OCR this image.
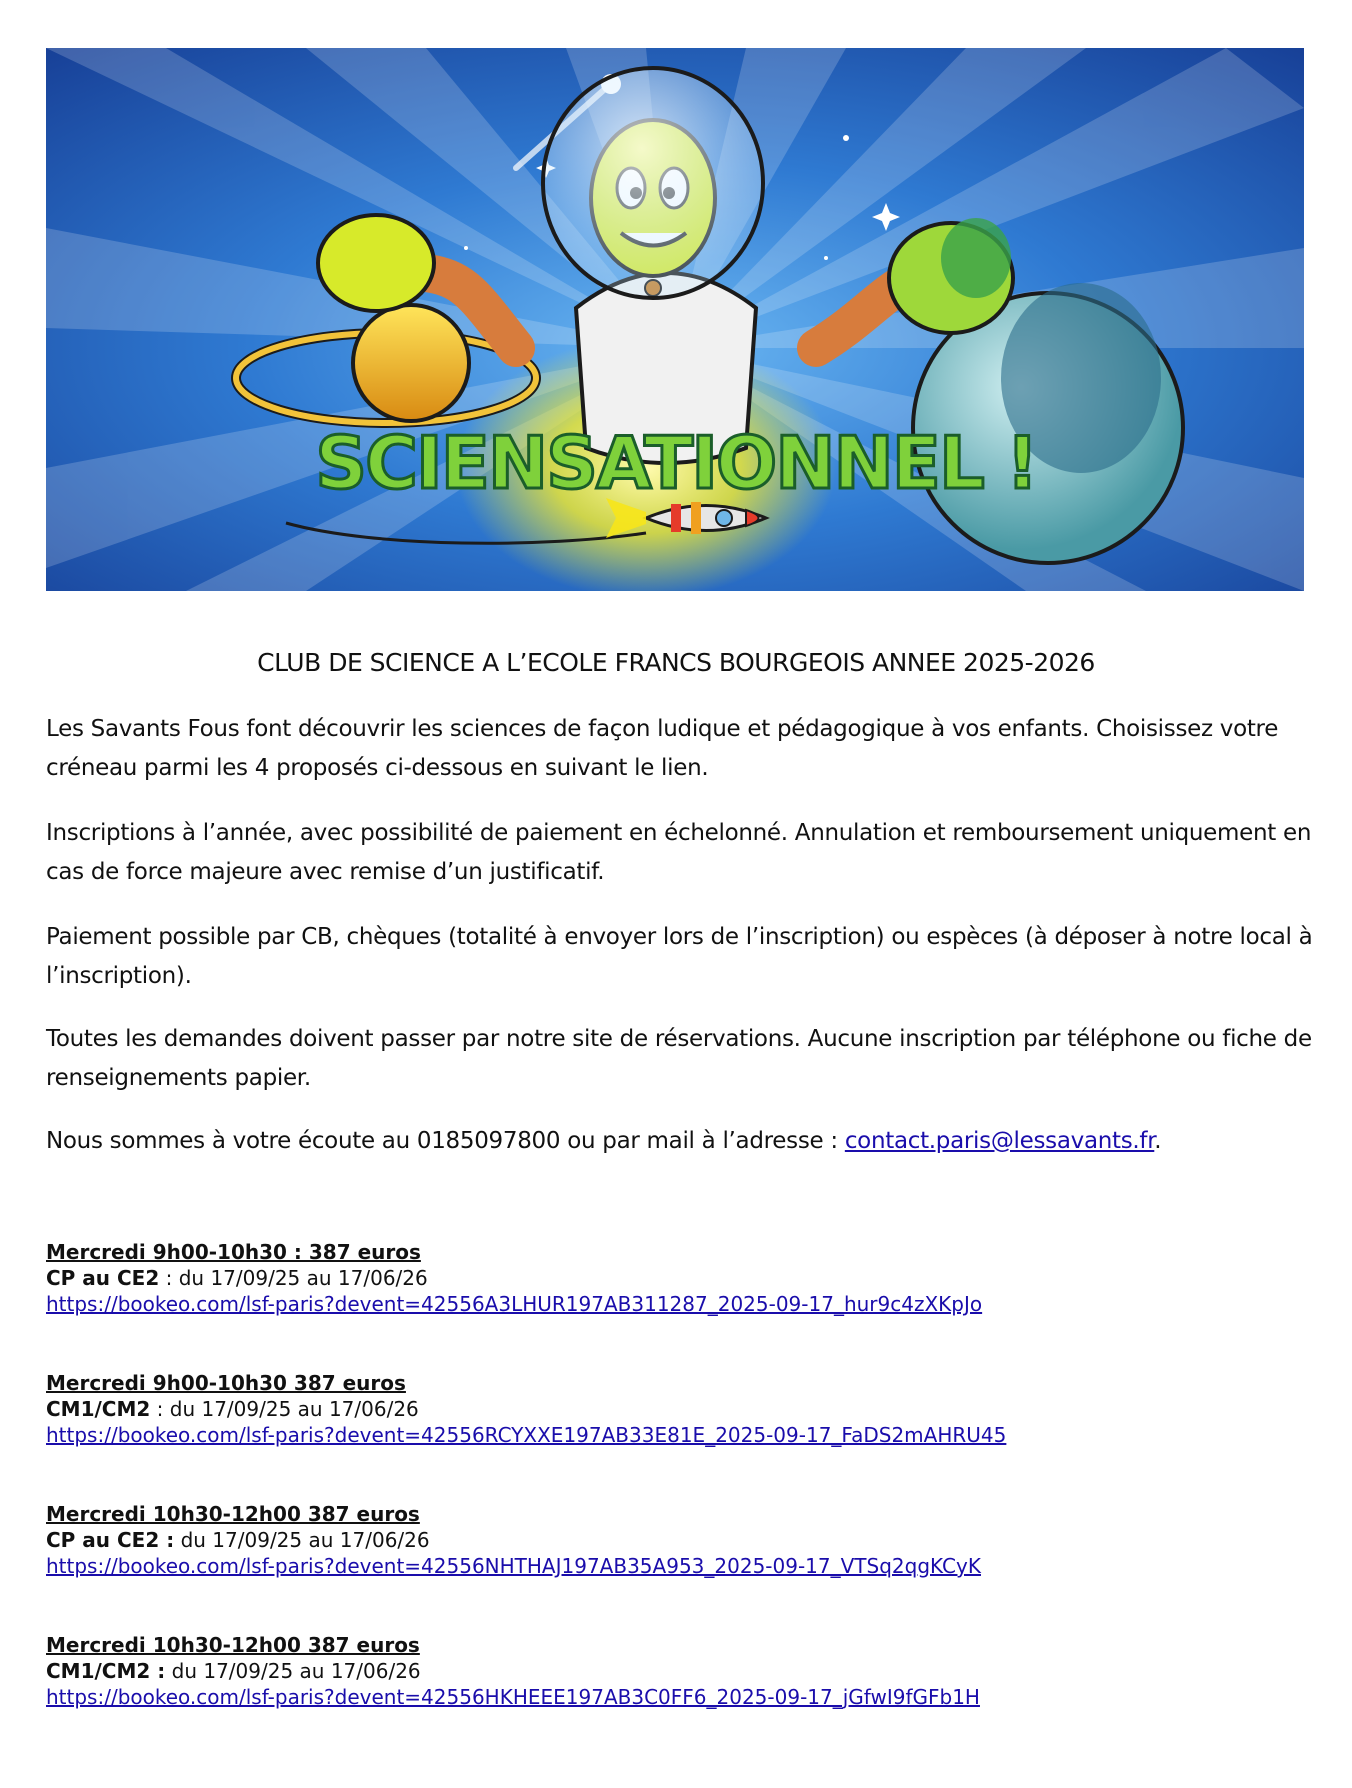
SCIENSATIONNEL !
CLUB DE SCIENCE A L’ECOLE FRANCS BOURGEOIS ANNEE 2025-2026
Les Savants Fous font découvrir les sciences de façon ludique et pédagogique à vos enfants. Choisissez votre créneau parmi les 4 proposés ci-dessous en suivant le lien.
Inscriptions à l’année, avec possibilité de paiement en échelonné. Annulation et remboursement uniquement en cas de force majeure avec remise d’un justificatif.
Paiement possible par CB, chèques (totalité à envoyer lors de l’inscription) ou espèces (à déposer à notre local à l’inscription).
Toutes les demandes doivent passer par notre site de réservations. Aucune inscription par téléphone ou fiche de renseignements papier.
Nous sommes à votre écoute au 0185097800 ou par mail à l’adresse : contact.paris@lessavants.fr.
Mercredi 9h00-10h30 : 387 euros
CP au CE2 : du 17/09/25 au 17/06/26
https://bookeo.com/lsf-paris?devent=42556A3LHUR197AB311287_2025-09-17_hur9c4zXKpJo
Mercredi 9h00-10h30 387 euros
CM1/CM2 : du 17/09/25 au 17/06/26
https://bookeo.com/lsf-paris?devent=42556RCYXXE197AB33E81E_2025-09-17_FaDS2mAHRU45
Mercredi 10h30-12h00 387 euros
CP au CE2 : du 17/09/25 au 17/06/26
https://bookeo.com/lsf-paris?devent=42556NHTHAJ197AB35A953_2025-09-17_VTSq2qgKCyK
Mercredi 10h30-12h00 387 euros
CM1/CM2 : du 17/09/25 au 17/06/26
https://bookeo.com/lsf-paris?devent=42556HKHEEE197AB3C0FF6_2025-09-17_jGfwI9fGFb1H
